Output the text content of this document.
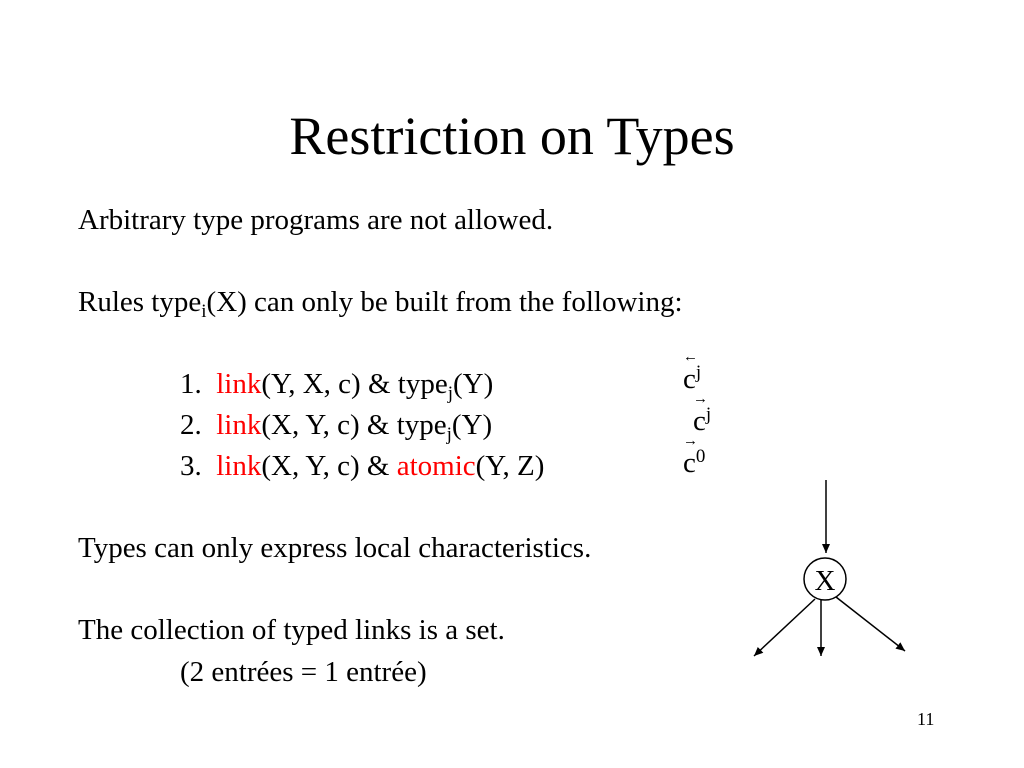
Restriction on Types
Arbitrary type programs are not allowed.
Rules type$_i$(X) can only be built from the following:
1. link(Y, X, c) & type$_j$(Y)
2. link(X, Y, c) & type$_j$(Y)
3. link(X, Y, c) & atomic(Y, Z)
←
$c^j$
→
$c^j$
→
$c^0$
Types can only express local characteristics.
The collection of typed links is a set.
(2 entrées = 1 entrée)
X
11
